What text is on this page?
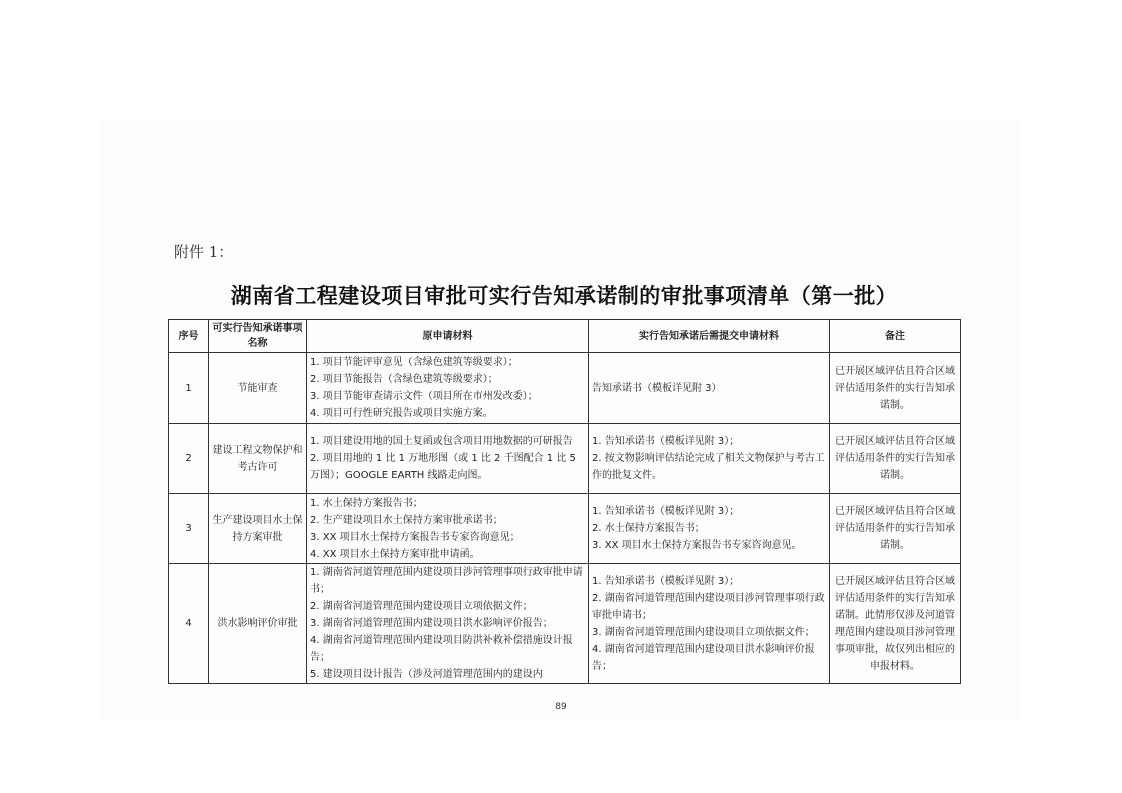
附件 1：
湖南省工程建设项目审批可实行告知承诺制的审批事项清单（第一批）
序号	可实行告知承诺事项名称	原申请材料	实行告知承诺后需提交申请材料	备注
1	节能审查	1. 项目节能评审意见（含绿色建筑等级要求）；
2. 项目节能报告（含绿色建筑等级要求）；
3. 项目节能审查请示文件（项目所在市州发改委）；
4. 项目可行性研究报告或项目实施方案。	告知承诺书（模板详见附 3）	已开展区域评估且符合区域评估适用条件的实行告知承诺制。
2	建设工程文物保护和考古许可	1. 项目建设用地的国土复函或包含项目用地数据的可研报告
2. 项目用地的 1 比 1 万地形图（或 1 比 2 千图配合 1 比 5 万图）；GOOGLE EARTH 线路走向图。	1. 告知承诺书（模板详见附 3）；
2. 按文物影响评估结论完成了相关文物保护与考古工作的批复文件。	已开展区域评估且符合区域评估适用条件的实行告知承诺制。
3	生产建设项目水土保持方案审批	1. 水土保持方案报告书；
2. 生产建设项目水土保持方案审批承诺书；
3. XX 项目水土保持方案报告书专家咨询意见；
4. XX 项目水土保持方案审批申请函。	1. 告知承诺书（模板详见附 3）；
2. 水土保持方案报告书；
3. XX 项目水土保持方案报告书专家咨询意见。	已开展区域评估且符合区域评估适用条件的实行告知承诺制。
4	洪水影响评价审批	1. 湖南省河道管理范围内建设项目涉河管理事项行政审批申请书；
2. 湖南省河道管理范围内建设项目立项依据文件；
3. 湖南省河道管理范围内建设项目洪水影响评价报告；
4. 湖南省河道管理范围内建设项目防洪补救补偿措施设计报告；
5. 建设项目设计报告（涉及河道管理范围内的建设内	1. 告知承诺书（模板详见附 3）；
2. 湖南省河道管理范围内建设项目涉河管理事项行政审批申请书；
3. 湖南省河道管理范围内建设项目立项依据文件；
4. 湖南省河道管理范围内建设项目洪水影响评价报告；	已开展区域评估且符合区域评估适用条件的实行告知承诺制。此情形仅涉及河道管理范围内建设项目涉河管理事项审批，故仅列出相应的申报材料。
89
